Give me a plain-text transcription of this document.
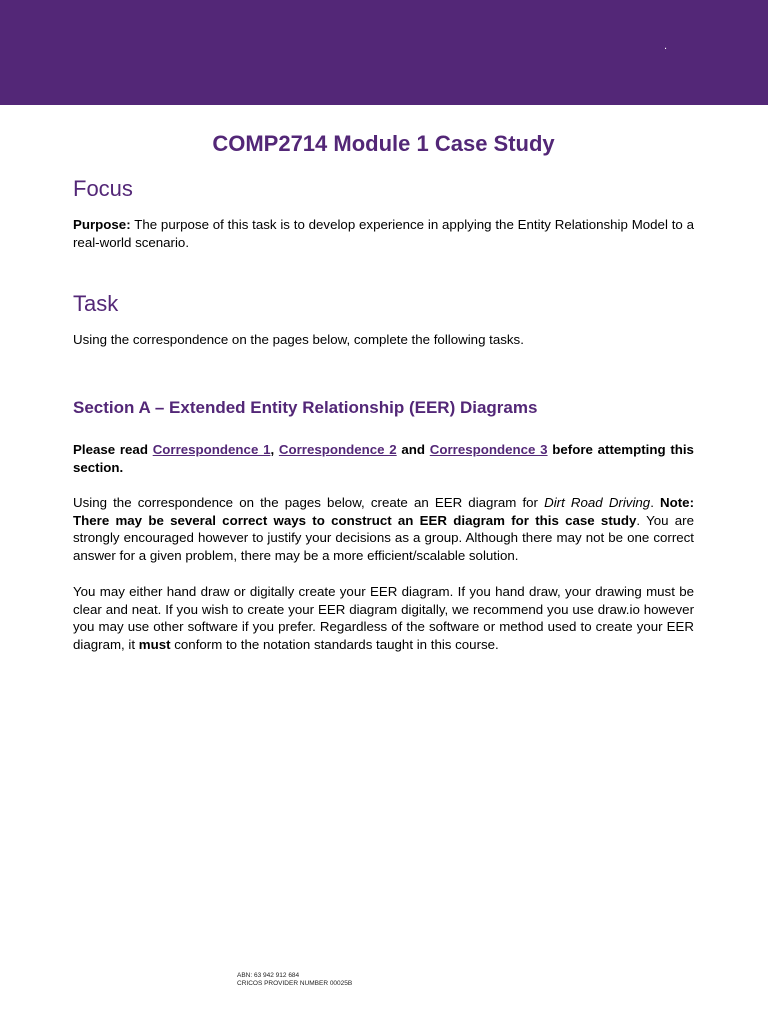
.
COMP2714 Module 1 Case Study
Focus

Purpose: The purpose of this task is to develop experience in applying the Entity Relationship Model to a real-world scenario.

Task

Using the correspondence on the pages below, complete the following tasks.

Section A – Extended Entity Relationship (EER) Diagrams

Please read Correspondence 1, Correspondence 2 and Correspondence 3 before attempting this section.

Using the correspondence on the pages below, create an EER diagram for Dirt Road Driving. Note: There may be several correct ways to construct an EER diagram for this case study. You are strongly encouraged however to justify your decisions as a group. Although there may not be one correct answer for a given problem, there may be a more efficient/scalable solution.

You may either hand draw or digitally create your EER diagram. If you hand draw, your drawing must be clear and neat. If you wish to create your EER diagram digitally, we recommend you use draw.io however you may use other software if you prefer. Regardless of the software or method used to create your EER diagram, it must conform to the notation standards taught in this course.

ABN: 63 942 912 684
CRICOS PROVIDER NUMBER 00025B
